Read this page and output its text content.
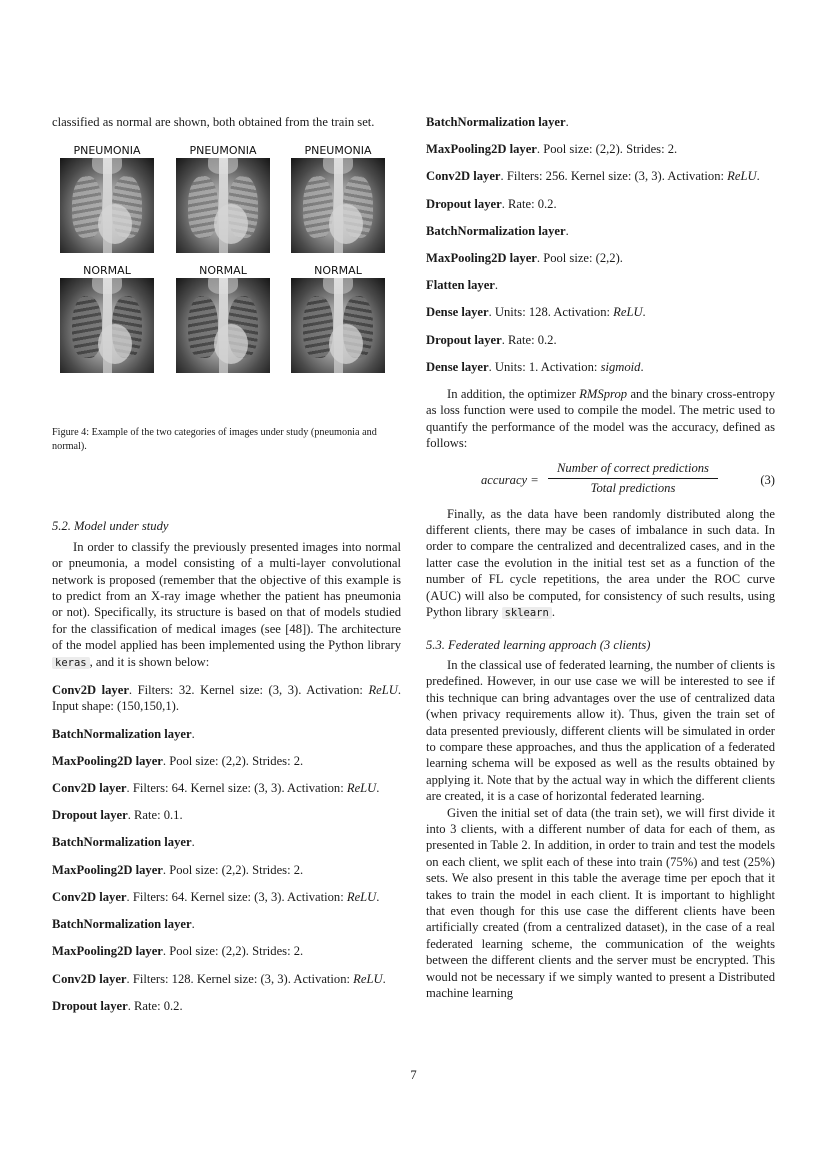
classified as normal are shown, both obtained from the train set.

PNEUMONIA	PNEUMONIA	PNEUMONIA
NORMAL	NORMAL	NORMAL
Figure 4: Example of the two categories of images under study (pneumonia and normal).

5.2. Model under study

In order to classify the previously presented images into normal or pneumonia, a model consisting of a multi-layer convolutional network is proposed (remember that the objective of this example is to predict from an X-ray image whether the patient has pneumonia or not). Specifically, its structure is based on that of models studied for the classification of medical images (see [48]). The architecture of the model applied has been implemented using the Python library keras , and it is shown below:

Conv2D layer. Filters: 32. Kernel size: (3, 3). Activation: ReLU. Input shape: (150,150,1).

BatchNormalization layer.

MaxPooling2D layer. Pool size: (2,2). Strides: 2.

Conv2D layer. Filters: 64. Kernel size: (3, 3). Activation: ReLU.

Dropout layer. Rate: 0.1.

BatchNormalization layer.

MaxPooling2D layer. Pool size: (2,2). Strides: 2.

Conv2D layer. Filters: 64. Kernel size: (3, 3). Activation: ReLU.

BatchNormalization layer.

MaxPooling2D layer. Pool size: (2,2). Strides: 2.

Conv2D layer. Filters: 128. Kernel size: (3, 3). Activation: ReLU.

Dropout layer. Rate: 0.2.

BatchNormalization layer.

MaxPooling2D layer. Pool size: (2,2). Strides: 2.

Conv2D layer. Filters: 256. Kernel size: (3, 3). Activation: ReLU.

Dropout layer. Rate: 0.2.

BatchNormalization layer.

MaxPooling2D layer. Pool size: (2,2).

Flatten layer.

Dense layer. Units: 128. Activation: ReLU.

Dropout layer. Rate: 0.2.

Dense layer. Units: 1. Activation: sigmoid.

In addition, the optimizer RMSprop and the binary cross-entropy as loss function were used to compile the model. The metric used to quantify the performance of the model was the accuracy, defined as follows:

accuracy =
Number of correct predictions
Total predictions
(3)

Finally, as the data have been randomly distributed along the different clients, there may be cases of imbalance in such data. In order to compare the centralized and decentralized cases, and in the latter case the evolution in the initial test set as a function of the number of FL cycle repetitions, the area under the ROC curve (AUC) will also be computed, for consistency of such results, using Python library sklearn .

5.3. Federated learning approach (3 clients)

In the classical use of federated learning, the number of clients is predefined. However, in our use case we will be interested to see if this technique can bring advantages over the use of centralized data (when privacy requirements allow it). Thus, given the train set of data presented previously, different clients will be simulated in order to compare these approaches, and thus the application of a federated learning schema will be exposed as well as the results obtained by applying it. Note that by the actual way in which the different clients are created, it is a case of horizontal federated learning.

Given the initial set of data (the train set), we will first divide it into 3 clients, with a different number of data for each of them, as presented in Table 2. In addition, in order to train and test the models on each client, we split each of these into train (75%) and test (25%) sets. We also present in this table the average time per epoch that it takes to train the model in each client. It is important to highlight that even though for this use case the different clients have been artificially created (from a centralized dataset), in the case of a real federated learning scheme, the communication of the weights between the different clients and the server must be encrypted. This would not be necessary if we simply wanted to present a Distributed machine learning

7
